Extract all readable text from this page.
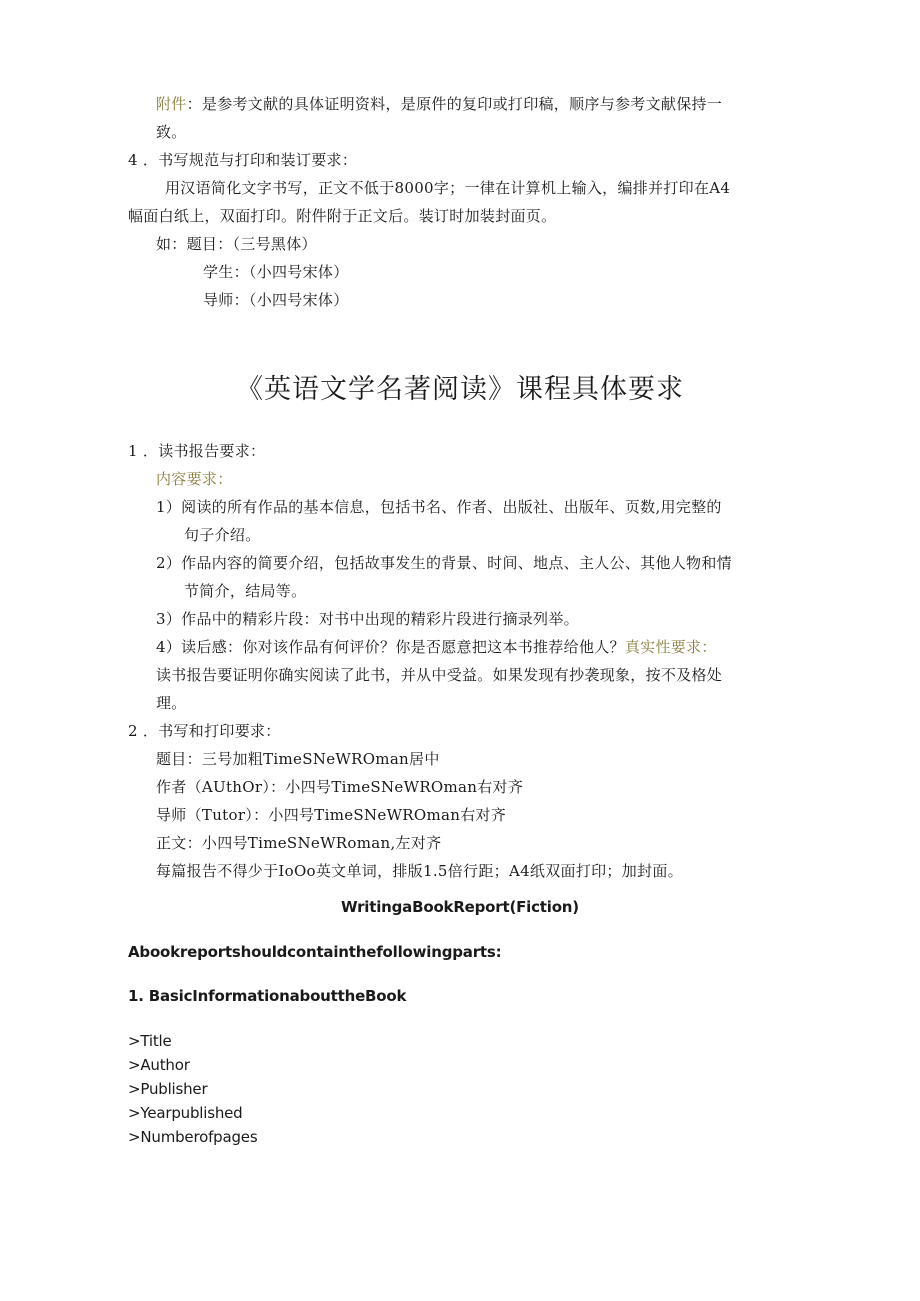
附件：是参考文献的具体证明资料，是原件的复印或打印稿，顺序与参考文献保持一
致。
4 ．书写规范与打印和装订要求：
用汉语简化文字书写，正文不低于8000字；一律在计算机上输入，编排并打印在A4
幅面白纸上，双面打印。附件附于正文后。装订时加装封面页。
如：题目：（三号黑体）
学生：（小四号宋体）
导师：（小四号宋体）
《英语文学名著阅读》课程具体要求
1 ．读书报告要求：
内容要求：
1）阅读的所有作品的基本信息，包括书名、作者、出版社、出版年、页数,用完整的
句子介绍。
2）作品内容的简要介绍，包括故事发生的背景、时间、地点、主人公、其他人物和情
节简介，结局等。
3）作品中的精彩片段：对书中出现的精彩片段进行摘录列举。
4）读后感：你对该作品有何评价？你是否愿意把这本书推荐给他人？真实性要求：
读书报告要证明你确实阅读了此书，并从中受益。如果发现有抄袭现象，按不及格处
理。
2 ．书写和打印要求：
题目：三号加粗TimeSNeWROman居中
作者（AUthOr）：小四号TimeSNeWROman右对齐
导师（Tutor）：小四号TimeSNeWROman右对齐
正文：小四号TimeSNeWRoman,左对齐
每篇报告不得少于IoOo英文单词，排版1.5倍行距；A4纸双面打印；加封面。
WritingaBookReport(Fiction)
Abookreportshouldcontainthefollowingparts:
1. BasicInformationabouttheBook
>Title
>Author
>Publisher
>Yearpublished
>Numberofpages
